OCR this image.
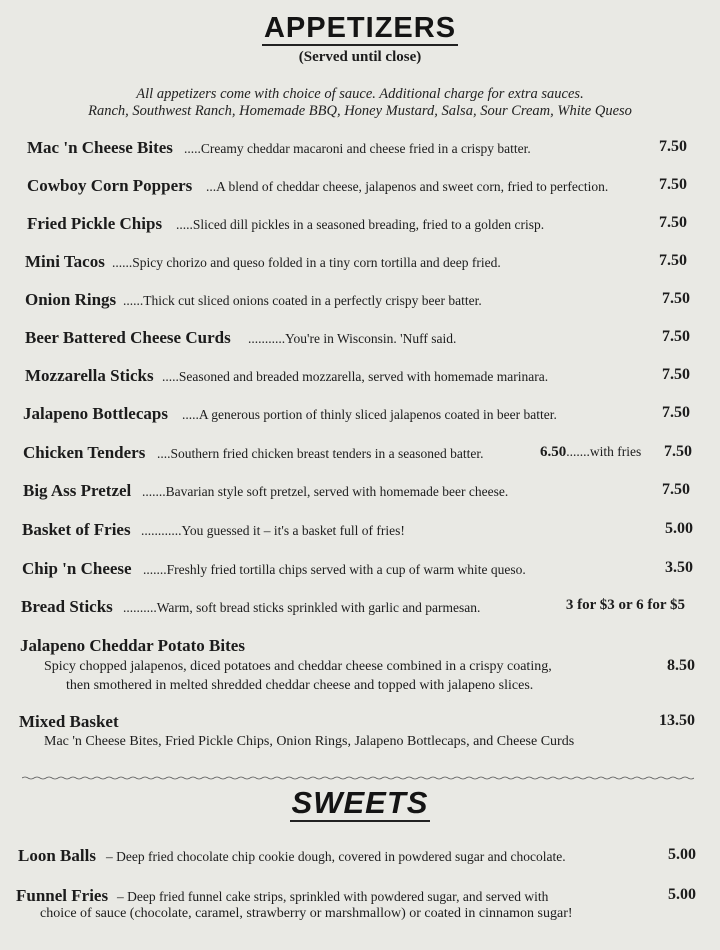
APPETIZERS
(Served until close)
All appetizers come with choice of sauce. Additional charge for extra sauces.
Ranch, Southwest Ranch, Homemade BBQ, Honey Mustard, Salsa, Sour Cream, White Queso
Mac 'n Cheese Bites .....Creamy cheddar macaroni and cheese fried in a crispy batter.	7.50
Cowboy Corn Poppers ...A blend of cheddar cheese, jalapenos and sweet corn, fried to perfection.	7.50
Fried Pickle Chips .....Sliced dill pickles in a seasoned breading, fried to a golden crisp.	7.50
Mini Tacos ......Spicy chorizo and queso folded in a tiny corn tortilla and deep fried.	7.50
Onion Rings ......Thick cut sliced onions coated in a perfectly crispy beer batter.	7.50
Beer Battered Cheese Curds ...........You're in Wisconsin. 'Nuff said.	7.50
Mozzarella Sticks .....Seasoned and breaded mozzarella, served with homemade marinara.	7.50
Jalapeno Bottlecaps .....A generous portion of thinly sliced jalapenos coated in beer batter.	7.50
Chicken Tenders ....Southern fried chicken breast tenders in a seasoned batter.	6.50.......with fries 7.50
Big Ass Pretzel .......Bavarian style soft pretzel, served with homemade beer cheese.	7.50
Basket of Fries ............You guessed it – it's a basket full of fries!	5.00
Chip 'n Cheese .......Freshly fried tortilla chips served with a cup of warm white queso.	3.50
Bread Sticks ..........Warm, soft bread sticks sprinkled with garlic and parmesan.	3 for $3 or 6 for $5
Jalapeno Cheddar Potato Bites
Spicy chopped jalapenos, diced potatoes and cheddar cheese combined in a crispy coating,	8.50
then smothered in melted shredded cheddar cheese and topped with jalapeno slices.
Mixed Basket	13.50
Mac 'n Cheese Bites, Fried Pickle Chips, Onion Rings, Jalapeno Bottlecaps, and Cheese Curds
SWEETS
Loon Balls – Deep fried chocolate chip cookie dough, covered in powdered sugar and chocolate.	5.00
Funnel Fries – Deep fried funnel cake strips, sprinkled with powdered sugar, and served with	5.00
choice of sauce (chocolate, caramel, strawberry or marshmallow) or coated in cinnamon sugar!
